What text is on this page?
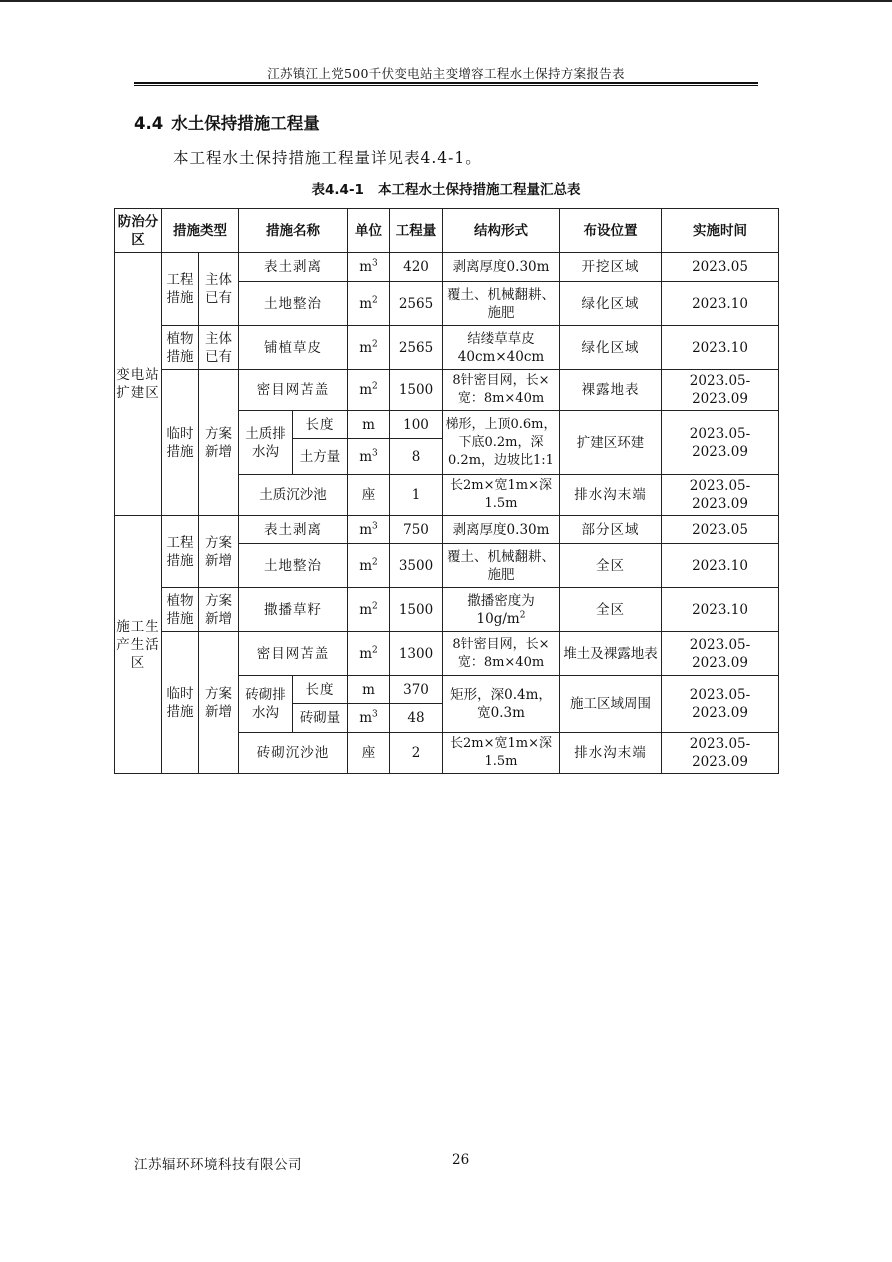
江苏镇江上党500千伏变电站主变增容工程水土保持方案报告表
4.4 水土保持措施工程量
本工程水土保持措施工程量详见表4.4-1。
表4.4-1 本工程水土保持措施工程量汇总表
防治分区	措施类型		措施名称		单位	工程量	结构形式	布设位置	实施时间
变电站扩建区	工程措施	主体已有	表土剥离		$m^3$	420	剥离厚度0.30m	开挖区域	2023.05
			土地整治		$m^2$	2565	覆土、机械翻耕、施肥	绿化区域	2023.10
	植物措施	主体已有	铺植草皮		$m^2$	2565	结缕草草皮40cm×40cm	绿化区域	2023.10
	临时措施	方案新增	密目网苫盖		$m^2$	1500	8针密目网，长×宽：8m×40m	裸露地表	2023.05-2023.09
			土质排水沟	长度	m	100	梯形，上顶0.6m，下底0.2m，深0.2m，边坡比1:1	扩建区环建	2023.05-2023.09
				土方量	$m^3$	8			
			土质沉沙池		座	1	长2m×宽1m×深1.5m	排水沟末端	2023.05-2023.09
施工生产生活区	工程措施	方案新增	表土剥离		$m^3$	750	剥离厚度0.30m	部分区域	2023.05
			土地整治		$m^2$	3500	覆土、机械翻耕、施肥	全区	2023.10
	植物措施	方案新增	撒播草籽		$m^2$	1500	撒播密度为$10g/m^2$	全区	2023.10
	临时措施	方案新增	密目网苫盖		$m^2$	1300	8针密目网，长×宽：8m×40m	堆土及裸露地表	2023.05-2023.09
			砖砌排水沟	长度	m	370	矩形，深0.4m，宽0.3m	施工区域周围	2023.05-2023.09
				砖砌量	$m^3$	48			
			砖砌沉沙池		座	2	长2m×宽1m×深1.5m	排水沟末端	2023.05-2023.09
江苏辐环环境科技有限公司	26
